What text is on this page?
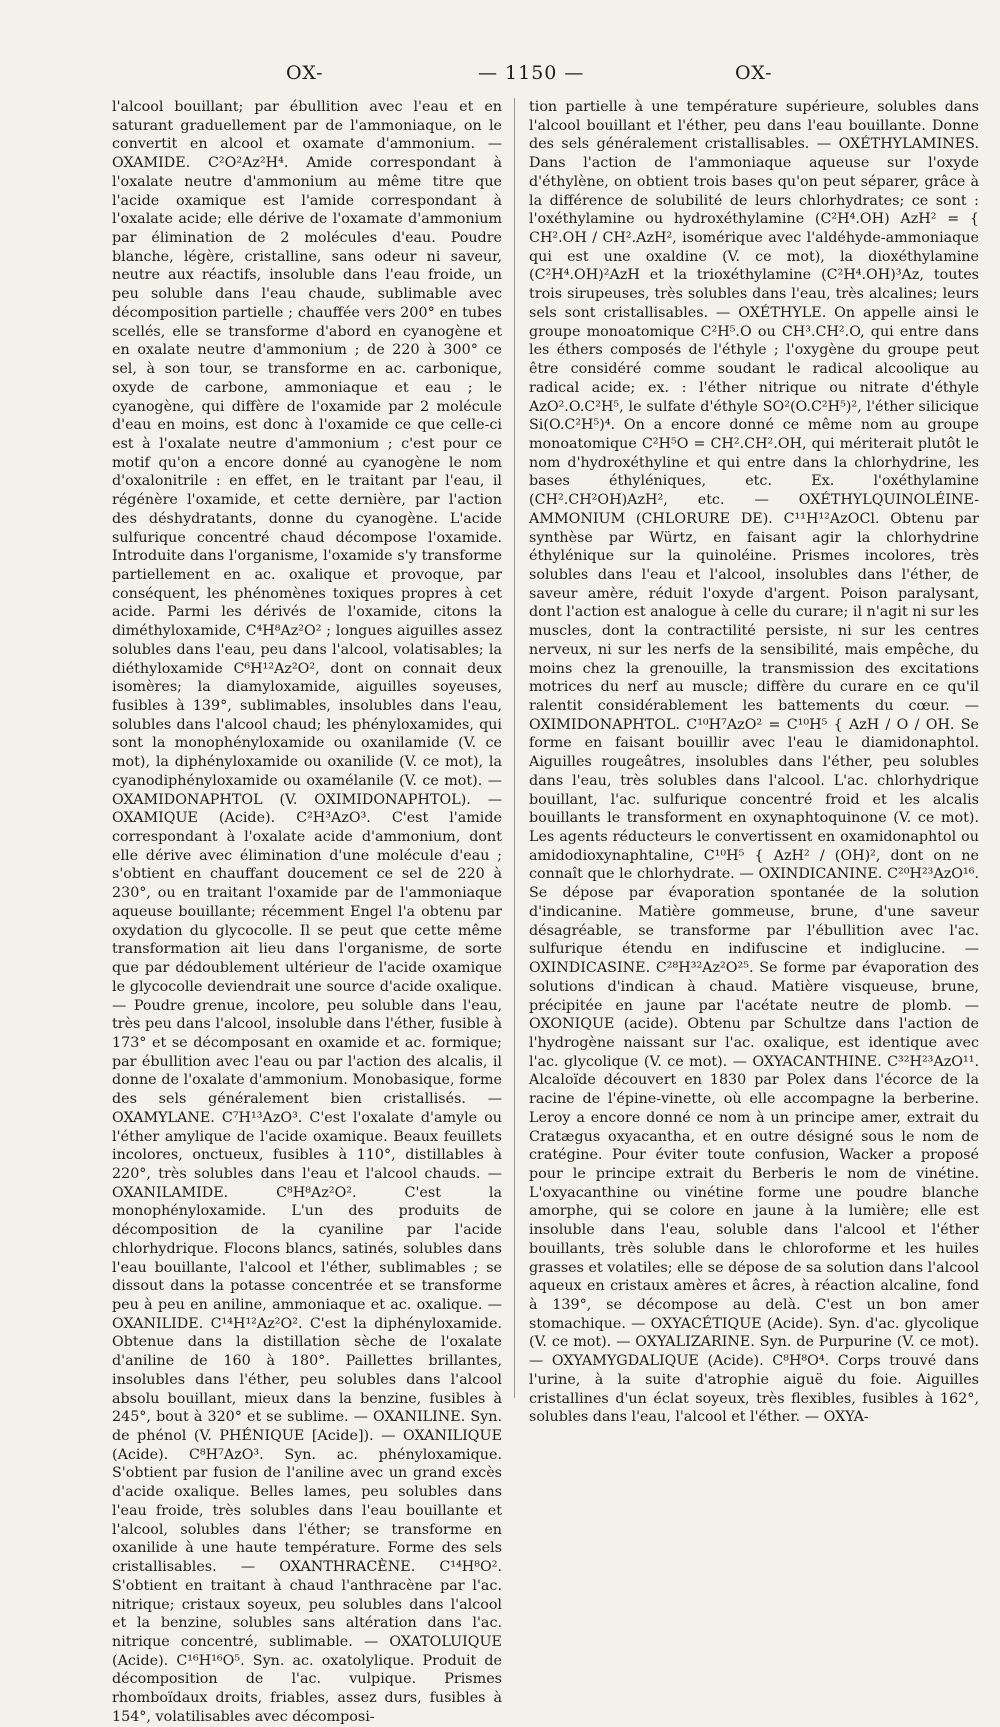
OX-	— 1150 —	OX-

l'alcool bouillant; par ébullition avec l'eau et en saturant graduellement par de l'ammoniaque, on le convertit en alcool et oxamate d'ammonium. — OXAMIDE. C²O²Az²H⁴. Amide correspondant à l'oxalate neutre d'ammonium au même titre que l'acide oxamique est l'amide correspondant à l'oxalate acide; elle dérive de l'oxamate d'ammonium par élimination de 2 molécules d'eau. Poudre blanche, légère, cristalline, sans odeur ni saveur, neutre aux réactifs, insoluble dans l'eau froide, un peu soluble dans l'eau chaude, sublimable avec décomposition partielle ; chauffée vers 200° en tubes scellés, elle se transforme d'abord en cyanogène et en oxalate neutre d'ammonium ; de 220 à 300° ce sel, à son tour, se transforme en ac. carbonique, oxyde de carbone, ammoniaque et eau ; le cyanogène, qui diffère de l'oxamide par 2 molécule d'eau en moins, est donc à l'oxamide ce que celle-ci est à l'oxalate neutre d'ammonium ; c'est pour ce motif qu'on a encore donné au cyanogène le nom d'oxalonitrile : en effet, en le traitant par l'eau, il régénère l'oxamide, et cette dernière, par l'action des déshydratants, donne du cyanogène. L'acide sulfurique concentré chaud décompose l'oxamide. Introduite dans l'organisme, l'oxamide s'y transforme partiellement en ac. oxalique et provoque, par conséquent, les phénomènes toxiques propres à cet acide. Parmi les dérivés de l'oxamide, citons la diméthyloxamide, C⁴H⁸Az²O² ; longues aiguilles assez solubles dans l'eau, peu dans l'alcool, volatisables; la diéthyloxamide C⁶H¹²Az²O², dont on connait deux isomères; la diamyloxamide, aiguilles soyeuses, fusibles à 139°, sublimables, insolubles dans l'eau, solubles dans l'alcool chaud; les phényloxamides, qui sont la monophényloxamide ou oxanilamide (V. ce mot), la diphényloxamide ou oxanilide (V. ce mot), la cyanodiphényloxamide ou oxamélanile (V. ce mot). — OXAMIDONAPHTOL (V. OXIMIDONAPHTOL). — OXAMIQUE (Acide). C²H³AzO³. C'est l'amide correspondant à l'oxalate acide d'ammonium, dont elle dérive avec élimination d'une molécule d'eau ; s'obtient en chauffant doucement ce sel de 220 à 230°, ou en traitant l'oxamide par de l'ammoniaque aqueuse bouillante; récemment Engel l'a obtenu par oxydation du glycocolle. Il se peut que cette même transformation ait lieu dans l'organisme, de sorte que par dédoublement ultérieur de l'acide oxamique le glycocolle deviendrait une source d'acide oxalique. — Poudre grenue, incolore, peu soluble dans l'eau, très peu dans l'alcool, insoluble dans l'éther, fusible à 173° et se décomposant en oxamide et ac. formique; par ébullition avec l'eau ou par l'action des alcalis, il donne de l'oxalate d'ammonium. Monobasique, forme des sels généralement bien cristallisés. — OXAMYLANE. C⁷H¹³AzO³. C'est l'oxalate d'amyle ou l'éther amylique de l'acide oxamique. Beaux feuillets incolores, onctueux, fusibles à 110°, distillables à 220°, très solubles dans l'eau et l'alcool chauds. — OXANILAMIDE. C⁸H⁸Az²O². C'est la monophényloxamide. L'un des produits de décomposition de la cyaniline par l'acide chlorhydrique. Flocons blancs, satinés, solubles dans l'eau bouillante, l'alcool et l'éther, sublimables ; se dissout dans la potasse concentrée et se transforme peu à peu en aniline, ammoniaque et ac. oxalique. — OXANILIDE. C¹⁴H¹²Az²O². C'est la diphényloxamide. Obtenue dans la distillation sèche de l'oxalate d'aniline de 160 à 180°. Paillettes brillantes, insolubles dans l'éther, peu solubles dans l'alcool absolu bouillant, mieux dans la benzine, fusibles à 245°, bout à 320° et se sublime. — OXANILINE. Syn. de phénol (V. PHÉNIQUE [Acide]). — OXANILIQUE (Acide). C⁸H⁷AzO³. Syn. ac. phényloxamique. S'obtient par fusion de l'aniline avec un grand excès d'acide oxalique. Belles lames, peu solubles dans l'eau froide, très solubles dans l'eau bouillante et l'alcool, solubles dans l'éther; se transforme en oxanilide à une haute température. Forme des sels cristallisables. — OXANTHRACÈNE. C¹⁴H⁸O². S'obtient en traitant à chaud l'anthracène par l'ac. nitrique; cristaux soyeux, peu solubles dans l'alcool et la benzine, solubles sans altération dans l'ac. nitrique concentré, sublimable. — OXATOLUIQUE (Acide). C¹⁶H¹⁶O⁵. Syn. ac. oxatolylique. Produit de décomposition de l'ac. vulpique. Prismes rhomboïdaux droits, friables, assez durs, fusibles à 154°, volatilisables avec décomposi-

tion partielle à une température supérieure, solubles dans l'alcool bouillant et l'éther, peu dans l'eau bouillante. Donne des sels généralement cristallisables. — OXÉTHYLAMINES. Dans l'action de l'ammoniaque aqueuse sur l'oxyde d'éthylène, on obtient trois bases qu'on peut séparer, grâce à la différence de solubilité de leurs chlorhydrates; ce sont : l'oxéthylamine ou hydroxéthylamine (C²H⁴.OH) AzH² = { CH².OH / CH².AzH², isomérique avec l'aldéhyde-ammoniaque qui est une oxaldine (V. ce mot), la dioxéthylamine (C²H⁴.OH)²AzH et la trioxéthylamine (C²H⁴.OH)³Az, toutes trois sirupeuses, très solubles dans l'eau, très alcalines; leurs sels sont cristallisables. — OXÉTHYLE. On appelle ainsi le groupe monoatomique C²H⁵.O ou CH³.CH².O, qui entre dans les éthers composés de l'éthyle ; l'oxygène du groupe peut être considéré comme soudant le radical alcoolique au radical acide; ex. : l'éther nitrique ou nitrate d'éthyle AzO².O.C²H⁵, le sulfate d'éthyle SO²(O.C²H⁵)², l'éther silicique Si(O.C²H⁵)⁴. On a encore donné ce même nom au groupe monoatomique C²H⁵O = CH².CH².OH, qui mériterait plutôt le nom d'hydroxéthyline et qui entre dans la chlorhydrine, les bases éthyléniques, etc. Ex. l'oxéthylamine (CH².CH²OH)AzH², etc. — OXÉTHYLQUINOLÉINE-AMMONIUM (CHLORURE DE). C¹¹H¹²AzOCl. Obtenu par synthèse par Würtz, en faisant agir la chlorhydrine éthylénique sur la quinoléine. Prismes incolores, très solubles dans l'eau et l'alcool, insolubles dans l'éther, de saveur amère, réduit l'oxyde d'argent. Poison paralysant, dont l'action est analogue à celle du curare; il n'agit ni sur les muscles, dont la contractilité persiste, ni sur les centres nerveux, ni sur les nerfs de la sensibilité, mais empêche, du moins chez la grenouille, la transmission des excitations motrices du nerf au muscle; diffère du curare en ce qu'il ralentit considérablement les battements du cœur. — OXIMIDONAPHTOL. C¹⁰H⁷AzO² = C¹⁰H⁵ { AzH / O / OH. Se forme en faisant bouillir avec l'eau le diamidonaphtol. Aiguilles rougeâtres, insolubles dans l'éther, peu solubles dans l'eau, très solubles dans l'alcool. L'ac. chlorhydrique bouillant, l'ac. sulfurique concentré froid et les alcalis bouillants le transforment en oxynaphtoquinone (V. ce mot). Les agents réducteurs le convertissent en oxamidonaphtol ou amidodioxynaphtaline, C¹⁰H⁵ { AzH² / (OH)², dont on ne connaît que le chlorhydrate. — OXINDICANINE. C²⁰H²³AzO¹⁶. Se dépose par évaporation spontanée de la solution d'indicanine. Matière gommeuse, brune, d'une saveur désagréable, se transforme par l'ébullition avec l'ac. sulfurique étendu en indifuscine et indiglucine. — OXINDICASINE. C²⁸H³²Az²O²⁵. Se forme par évaporation des solutions d'indican à chaud. Matière visqueuse, brune, précipitée en jaune par l'acétate neutre de plomb. — OXONIQUE (acide). Obtenu par Schultze dans l'action de l'hydrogène naissant sur l'ac. oxalique, est identique avec l'ac. glycolique (V. ce mot). — OXYACANTHINE. C³²H²³AzO¹¹. Alcaloïde découvert en 1830 par Polex dans l'écorce de la racine de l'épine-vinette, où elle accompagne la berberine. Leroy a encore donné ce nom à un principe amer, extrait du Cratægus oxyacantha, et en outre désigné sous le nom de cratégine. Pour éviter toute confusion, Wacker a proposé pour le principe extrait du Berberis le nom de vinétine. L'oxyacanthine ou vinétine forme une poudre blanche amorphe, qui se colore en jaune à la lumière; elle est insoluble dans l'eau, soluble dans l'alcool et l'éther bouillants, très soluble dans le chloroforme et les huiles grasses et volatiles; elle se dépose de sa solution dans l'alcool aqueux en cristaux amères et âcres, à réaction alcaline, fond à 139°, se décompose au delà. C'est un bon amer stomachique. — OXYACÉTIQUE (Acide). Syn. d'ac. glycolique (V. ce mot). — OXYALIZARINE. Syn. de Purpurine (V. ce mot). — OXYAMYGDALIQUE (Acide). C⁸H⁸O⁴. Corps trouvé dans l'urine, à la suite d'atrophie aiguë du foie. Aiguilles cristallines d'un éclat soyeux, très flexibles, fusibles à 162°, solubles dans l'eau, l'alcool et l'éther. — OXYA-
